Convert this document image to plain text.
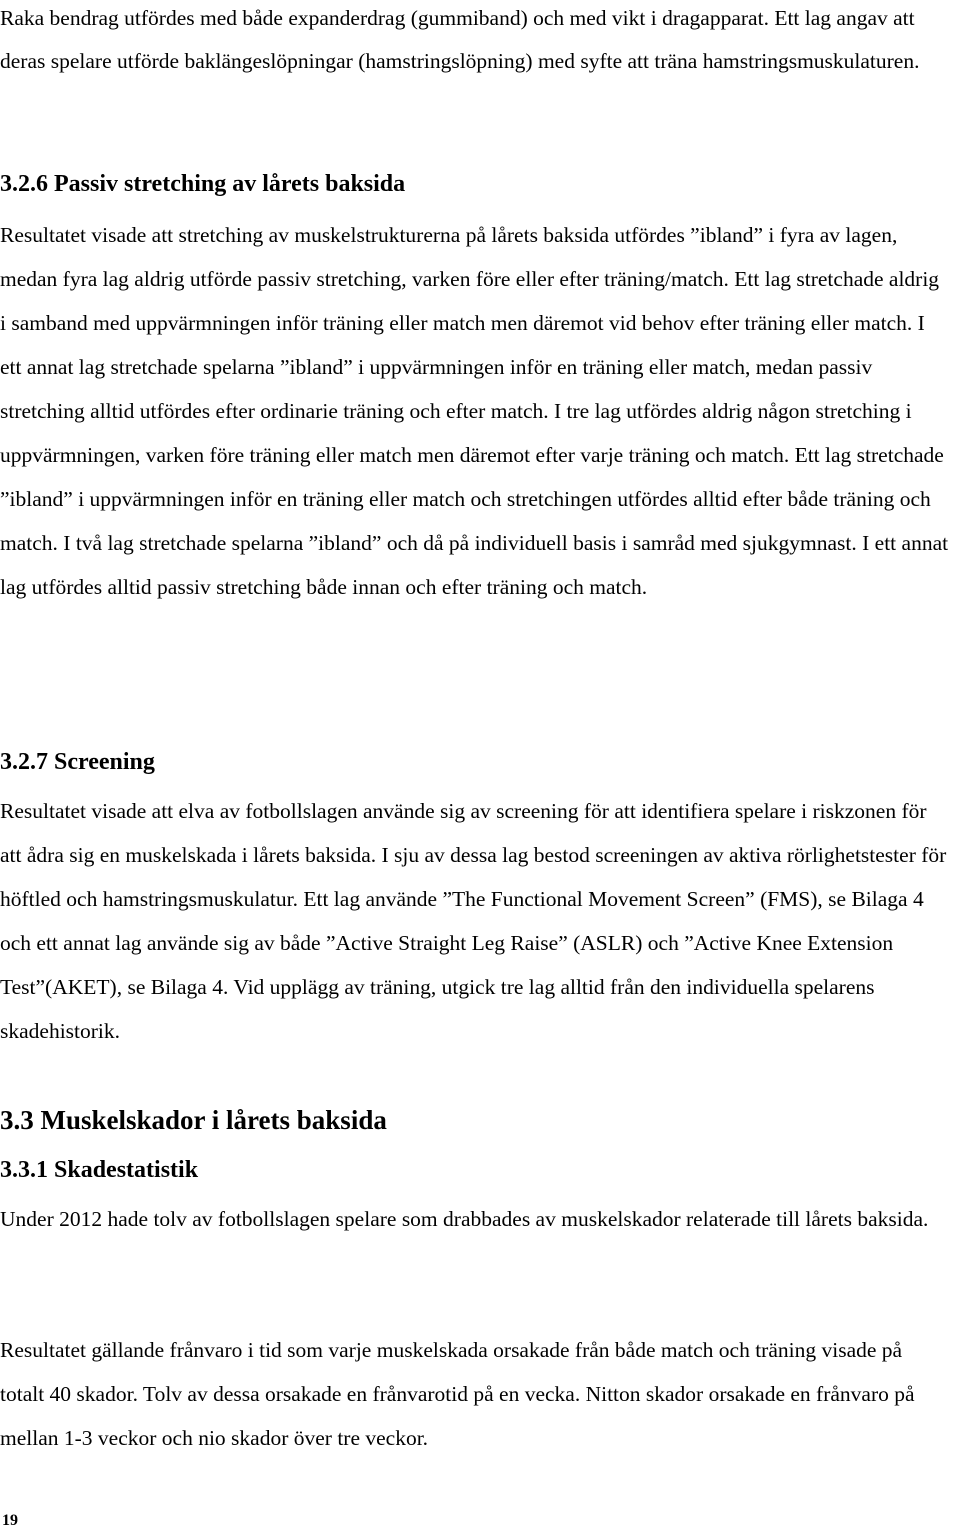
Raka bendrag utfördes med både expanderdrag (gummiband) och med vikt i dragapparat. Ett lag angav att deras spelare utförde baklängeslöpningar (hamstringslöpning) med syfte att träna hamstringsmuskulaturen.

3.2.6 Passiv stretching av lårets baksida

Resultatet visade att stretching av muskelstrukturerna på lårets baksida utfördes ”ibland” i fyra av lagen, medan fyra lag aldrig utförde passiv stretching, varken före eller efter träning/match. Ett lag stretchade aldrig i samband med uppvärmningen inför träning eller match men däremot vid behov efter träning eller match. I ett annat lag stretchade spelarna ”ibland” i uppvärmningen inför en träning eller match, medan passiv stretching alltid utfördes efter ordinarie träning och efter match. I tre lag utfördes aldrig någon stretching i uppvärmningen, varken före träning eller match men däremot efter varje träning och match. Ett lag stretchade ”ibland” i uppvärmningen inför en träning eller match och stretchingen utfördes alltid efter både träning och match. I två lag stretchade spelarna ”ibland” och då på individuell basis i samråd med sjukgymnast. I ett annat lag utfördes alltid passiv stretching både innan och efter träning och match.

3.2.7 Screening

Resultatet visade att elva av fotbollslagen använde sig av screening för att identifiera spelare i riskzonen för att ådra sig en muskelskada i lårets baksida. I sju av dessa lag bestod screeningen av aktiva rörlighetstester för höftled och hamstringsmuskulatur. Ett lag använde ”The Functional Movement Screen” (FMS), se Bilaga 4 och ett annat lag använde sig av både ”Active Straight Leg Raise” (ASLR) och ”Active Knee Extension Test”(AKET), se Bilaga 4. Vid upplägg av träning, utgick tre lag alltid från den individuella spelarens skadehistorik.

3.3 Muskelskador i lårets baksida
3.3.1 Skadestatistik

Under 2012 hade tolv av fotbollslagen spelare som drabbades av muskelskador relaterade till lårets baksida.

Resultatet gällande frånvaro i tid som varje muskelskada orsakade från både match och träning visade på totalt 40 skador. Tolv av dessa orsakade en frånvarotid på en vecka. Nitton skador orsakade en frånvaro på mellan 1-3 veckor och nio skador över tre veckor.

19
